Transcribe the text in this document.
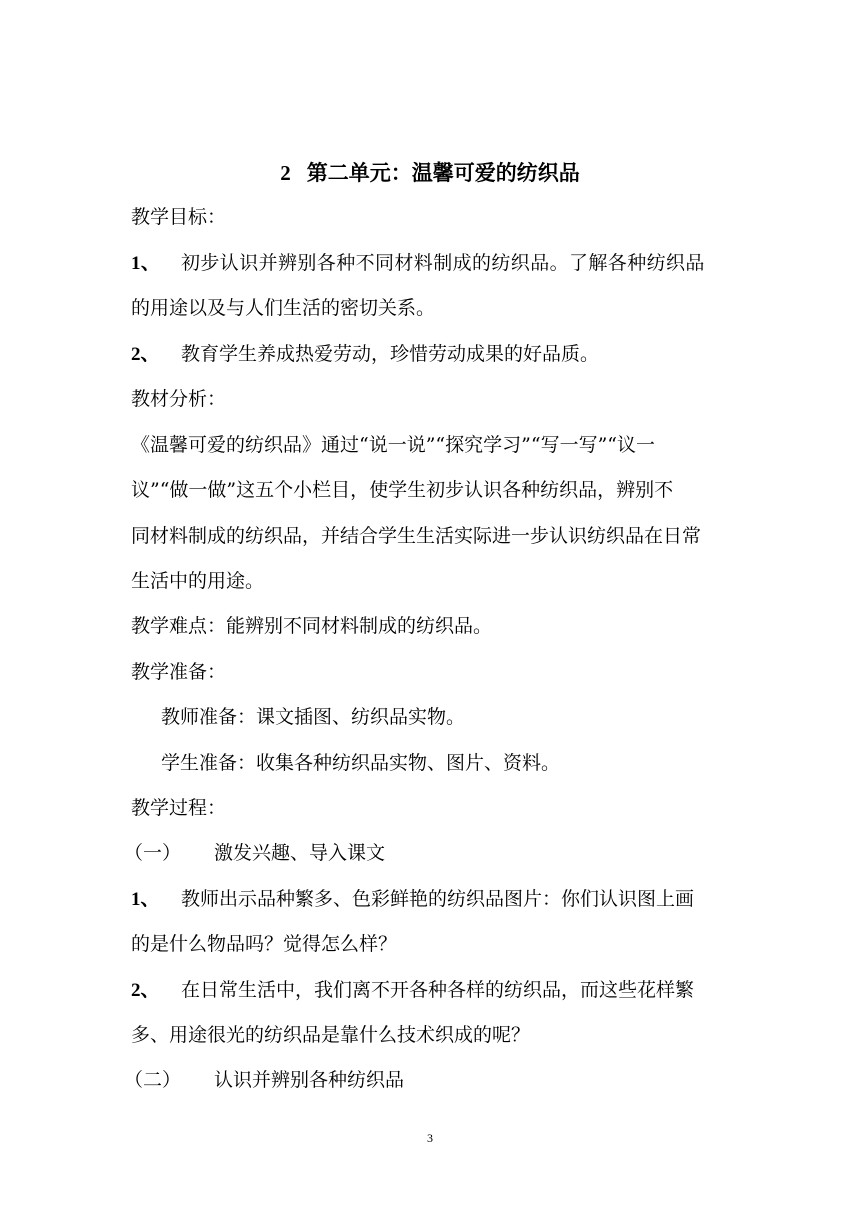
2 第二单元：温馨可爱的纺织品
教学目标：
1、 初步认识并辨别各种不同材料制成的纺织品。了解各种纺织品
的用途以及与人们生活的密切关系。
2、 教育学生养成热爱劳动，珍惜劳动成果的好品质。
教材分析：
《温馨可爱的纺织品》通过“说一说”“探究学习”“写一写”“议一
议”“做一做”这五个小栏目，使学生初步认识各种纺织品，辨别不
同材料制成的纺织品，并结合学生生活实际进一步认识纺织品在日常
生活中的用途。
教学难点：能辨别不同材料制成的纺织品。
教学准备：
教师准备：课文插图、纺织品实物。
学生准备：收集各种纺织品实物、图片、资料。
教学过程：
（一） 激发兴趣、导入课文
1、 教师出示品种繁多、色彩鲜艳的纺织品图片：你们认识图上画
的是什么物品吗？觉得怎么样？
2、 在日常生活中，我们离不开各种各样的纺织品，而这些花样繁
多、用途很光的纺织品是靠什么技术织成的呢？
（二） 认识并辨别各种纺织品
3
